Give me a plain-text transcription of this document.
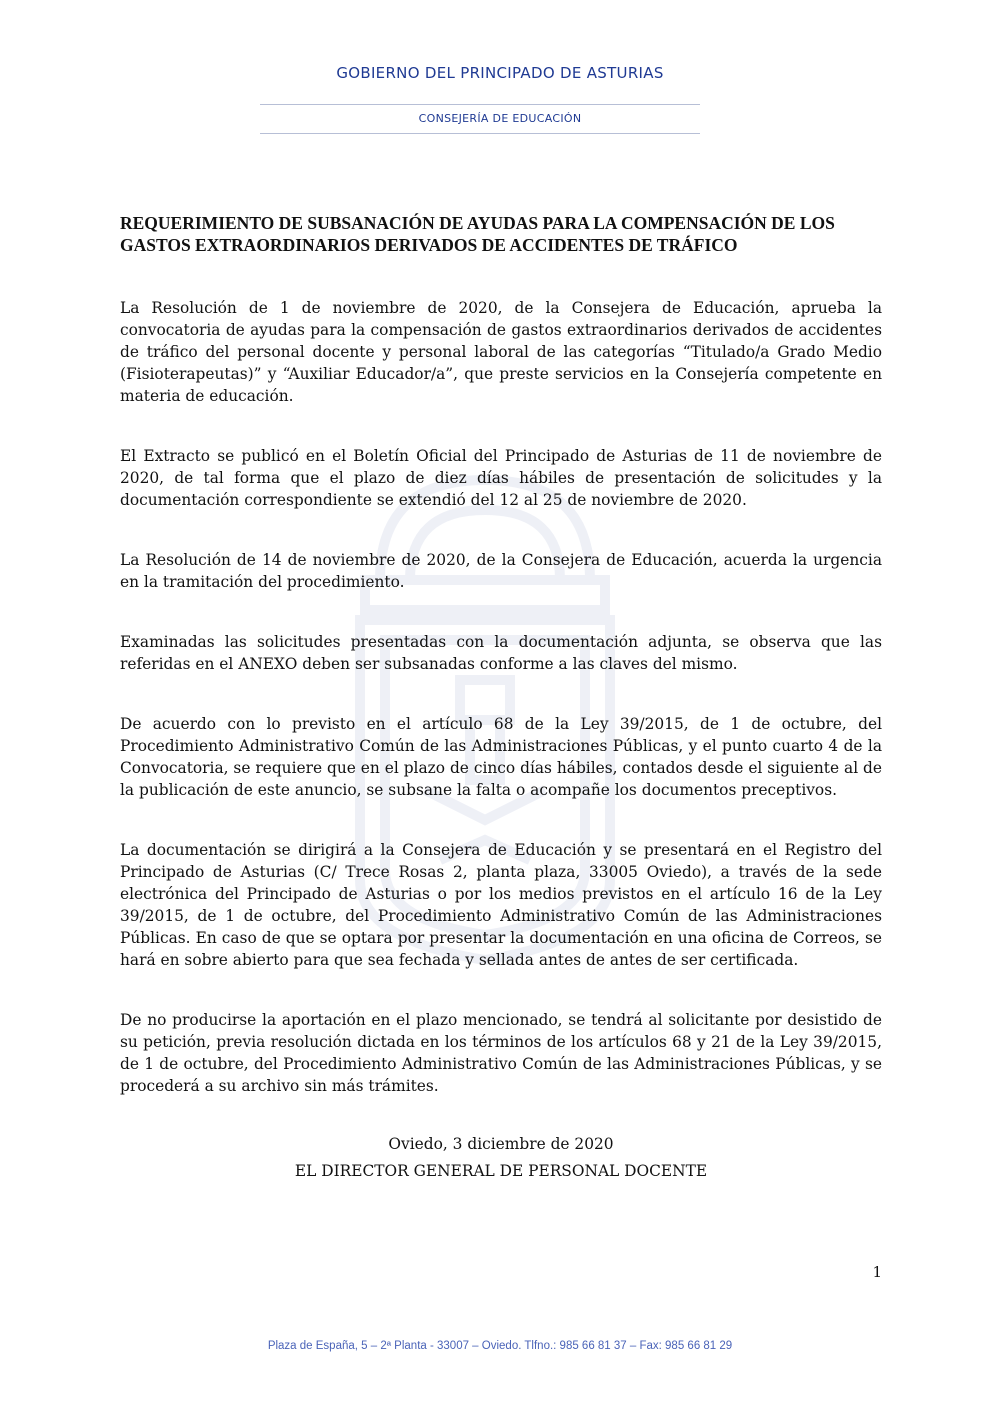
GOBIERNO DEL PRINCIPADO DE ASTURIAS
CONSEJERÍA DE EDUCACIÓN
REQUERIMIENTO DE SUBSANACIÓN DE AYUDAS PARA LA COMPENSACIÓN DE LOS GASTOS EXTRAORDINARIOS DERIVADOS DE ACCIDENTES DE TRÁFICO

La Resolución de 1 de noviembre de 2020, de la Consejera de Educación, aprueba la convocatoria de ayudas para la compensación de gastos extraordinarios derivados de accidentes de tráfico del personal docente y personal laboral de las categorías “Titulado/a Grado Medio (Fisioterapeutas)” y “Auxiliar Educador/a”, que preste servicios en la Consejería competente en materia de educación.

El Extracto se publicó en el Boletín Oficial del Principado de Asturias de 11 de noviembre de 2020, de tal forma que el plazo de diez días hábiles de presentación de solicitudes y la documentación correspondiente se extendió del 12 al 25 de noviembre de 2020.

La Resolución de 14 de noviembre de 2020, de la Consejera de Educación, acuerda la urgencia en la tramitación del procedimiento.

Examinadas las solicitudes presentadas con la documentación adjunta, se observa que las referidas en el ANEXO deben ser subsanadas conforme a las claves del mismo.

De acuerdo con lo previsto en el artículo 68 de la Ley 39/2015, de 1 de octubre, del Procedimiento Administrativo Común de las Administraciones Públicas, y el punto cuarto 4 de la Convocatoria, se requiere que en el plazo de cinco días hábiles, contados desde el siguiente al de la publicación de este anuncio, se subsane la falta o acompañe los documentos preceptivos.

La documentación se dirigirá a la Consejera de Educación y se presentará en el Registro del Principado de Asturias (C/ Trece Rosas 2, planta plaza, 33005 Oviedo), a través de la sede electrónica del Principado de Asturias o por los medios previstos en el artículo 16 de la Ley 39/2015, de 1 de octubre, del Procedimiento Administrativo Común de las Administraciones Públicas. En caso de que se optara por presentar la documentación en una oficina de Correos, se hará en sobre abierto para que sea fechada y sellada antes de antes de ser certificada.

De no producirse la aportación en el plazo mencionado, se tendrá al solicitante por desistido de su petición, previa resolución dictada en los términos de los artículos 68 y 21 de la Ley 39/2015, de 1 de octubre, del Procedimiento Administrativo Común de las Administraciones Públicas, y se procederá a su archivo sin más trámites.

Oviedo, 3 diciembre de 2020

EL DIRECTOR GENERAL DE PERSONAL DOCENTE

1
Plaza de España, 5 – 2ª Planta - 33007 – Oviedo. Tlfno.: 985 66 81 37 – Fax: 985 66 81 29
